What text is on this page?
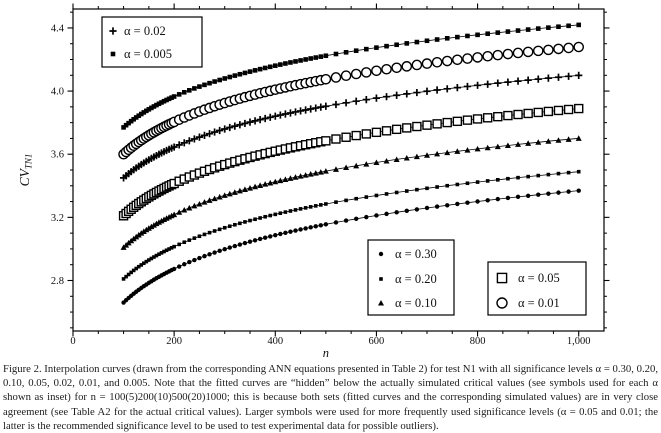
0	200	400	600	800	1,000
2.8
3.2
3.6
4.0
4.4
n
CVTN1
α = 0.02
α = 0.005
α = 0.30
α = 0.20
α = 0.10
α = 0.05
α = 0.01

Figure 2. Interpolation curves (drawn from the corresponding ANN equations presented in Table 2) for test N1 with all significance levels α = 0.30, 0.20, 0.10, 0.05, 0.02, 0.01, and 0.005. Note that the fitted curves are “hidden” below the actually simulated critical values (see symbols used for each α shown as inset) for n = 100(5)200(10)500(20)1000; this is because both sets (fitted curves and the corresponding simulated values) are in very close agreement (see Table A2 for the actual critical values). Larger symbols were used for more frequently used significance levels (α = 0.05 and 0.01; the latter is the recommended significance level to be used to test experimental data for possible outliers).
